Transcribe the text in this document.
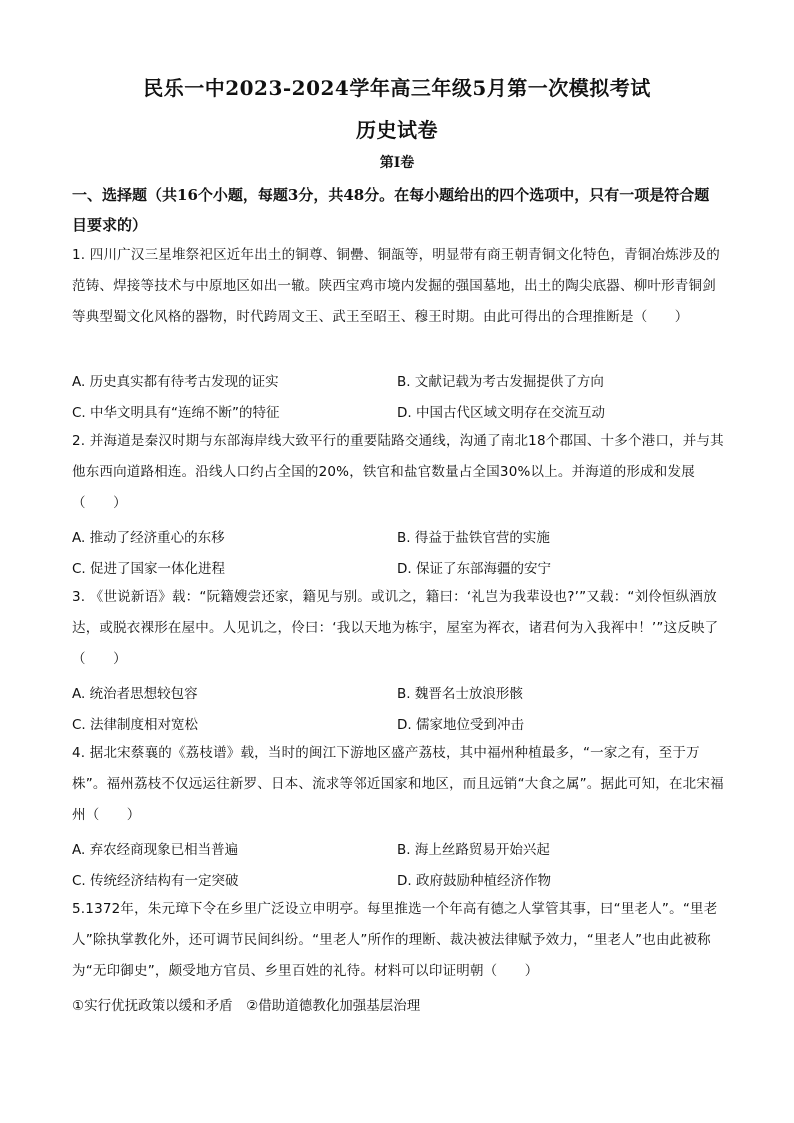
民乐一中2023-2024学年高三年级5月第一次模拟考试
历史试卷
第Ⅰ卷
一、选择题（共16个小题，每题3分，共48分。在每小题给出的四个选项中，只有一项是符合题目要求的）
1. 四川广汉三星堆祭祀区近年出土的铜尊、铜罍、铜瓿等，明显带有商王朝青铜文化特色，青铜冶炼涉及的范铸、焊接等技术与中原地区如出一辙。陕西宝鸡市境内发掘的强国墓地，出土的陶尖底器、柳叶形青铜剑等典型蜀文化风格的器物，时代跨周文王、武王至昭王、穆王时期。由此可得出的合理推断是（　　）
A. 历史真实都有待考古发现的证实	B. 文献记载为考古发掘提供了方向
C. 中华文明具有“连绵不断”的特征	D. 中国古代区域文明存在交流互动
2. 并海道是秦汉时期与东部海岸线大致平行的重要陆路交通线，沟通了南北18个郡国、十多个港口，并与其他东西向道路相连。沿线人口约占全国的20%，铁官和盐官数量占全国30%以上。并海道的形成和发展（　　）
A. 推动了经济重心的东移	B. 得益于盐铁官营的实施
C. 促进了国家一体化进程	D. 保证了东部海疆的安宁
3. 《世说新语》载：“阮籍嫂尝还家，籍见与别。或讥之，籍曰：‘礼岂为我辈设也?’”又载：“刘伶恒纵酒放达，或脱衣裸形在屋中。人见讥之，伶曰：‘我以天地为栋宇，屋室为裈衣，诸君何为入我裈中！’”这反映了（　　）
A. 统治者思想较包容	B. 魏晋名士放浪形骸
C. 法律制度相对宽松	D. 儒家地位受到冲击
4. 据北宋蔡襄的《荔枝谱》载，当时的闽江下游地区盛产荔枝，其中福州种植最多，“一家之有，至于万株”。福州荔枝不仅远运往新罗、日本、流求等邻近国家和地区，而且远销“大食之属”。据此可知，在北宋福州（　　）
A. 弃农经商现象已相当普遍	B. 海上丝路贸易开始兴起
C. 传统经济结构有一定突破	D. 政府鼓励种植经济作物
5.1372年，朱元璋下令在乡里广泛设立申明亭。每里推选一个年高有德之人掌管其事，曰“里老人”。“里老人”除执掌教化外，还可调节民间纠纷。“里老人”所作的理断、裁决被法律赋予效力，“里老人”也由此被称为“无印御史”，颇受地方官员、乡里百姓的礼待。材料可以印证明朝（　　）
①实行优抚政策以缓和矛盾　②借助道德教化加强基层治理
